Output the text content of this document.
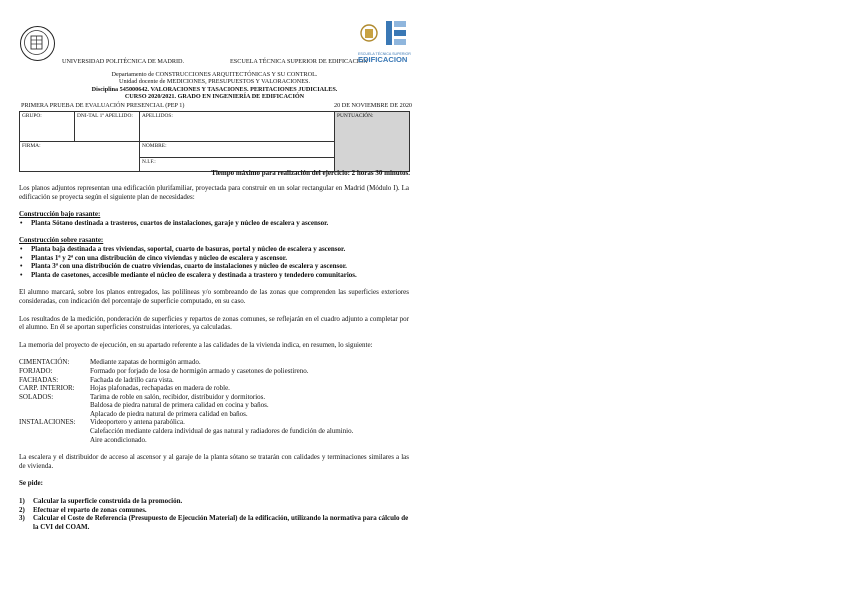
UNIVERSIDAD POLITÉCNICA DE MADRID.	ESCUELA TÉCNICA SUPERIOR DE EDIFICACIÓN
ESCUELA TÉCNICA SUPERIOR
EDIFICACION
Departamento de CONSTRUCCIONES ARQUITECTÓNICAS Y SU CONTROL.
Unidad docente de MEDICIONES, PRESUPUESTOS Y VALORACIONES.
Disciplina 545000642. VALORACIONES Y TASACIONES. PERITACIONES JUDICIALES.
CURSO 2020/2021. GRADO EN INGENIERÍA DE EDIFICACIÓN
PRIMERA PRUEBA DE EVALUACIÓN PRESENCIAL (PEP 1)	20 DE NOVIEMBRE DE 2020
GRUPO:	DNI-TAL 1º APELLIDO:	APELLIDOS:	PUNTUACIÓN:
FIRMA:		NOMBRE:	
		N.I.F.:	
Tiempo máximo para realización del ejercicio: 2 horas 30 minutos.
Los planos adjuntos representan una edificación plurifamiliar, proyectada para construir en un solar rectangular en Madrid (Módulo I). La edificación se proyecta según el siguiente plan de necesidades:
Construcción bajo rasante:
• Planta Sótano destinada a trasteros, cuartos de instalaciones, garaje y núcleo de escalera y ascensor.
Construcción sobre rasante:
• Planta baja destinada a tres viviendas, soportal, cuarto de basuras, portal y núcleo de escalera y ascensor.
• Plantas 1ª y 2ª con una distribución de cinco viviendas y núcleo de escalera y ascensor.
• Planta 3ª con una distribución de cuatro viviendas, cuarto de instalaciones y núcleo de escalera y ascensor.
• Planta de casetones, accesible mediante el núcleo de escalera y destinada a trastero y tendedero comunitarios.
El alumno marcará, sobre los planos entregados, las polilíneas y/o sombreando de las zonas que comprenden las superficies exteriores consideradas, con indicación del porcentaje de superficie computado, en su caso.
Los resultados de la medición, ponderación de superficies y repartos de zonas comunes, se reflejarán en el cuadro adjunto a completar por el alumno. En él se aportan superficies construidas interiores, ya calculadas.
La memoria del proyecto de ejecución, en su apartado referente a las calidades de la vivienda indica, en resumen, lo siguiente:
CIMENTACIÓN:	Mediante zapatas de hormigón armado.
FORJADO:	Formado por forjado de losa de hormigón armado y casetones de poliestireno.
FACHADAS:	Fachada de ladrillo cara vista.
CARP. INTERIOR:	Hojas plafonadas, rechapadas en madera de roble.
SOLADOS:	Tarima de roble en salón, recibidor, distribuidor y dormitorios.
Baldosa de piedra natural de primera calidad en cocina y baños.
Aplacado de piedra natural de primera calidad en baños.
INSTALACIONES:	Videoportero y antena parabólica.
Calefacción mediante caldera individual de gas natural y radiadores de fundición de aluminio.
Aire acondicionado.
La escalera y el distribuidor de acceso al ascensor y al garaje de la planta sótano se tratarán con calidades y terminaciones similares a las de vivienda.
Se pide:
1)	Calcular la superficie construida de la promoción.
2)	Efectuar el reparto de zonas comunes.
3)	Calcular el Coste de Referencia (Presupuesto de Ejecución Material) de la edificación, utilizando la normativa para cálculo de la CVI del COAM.
